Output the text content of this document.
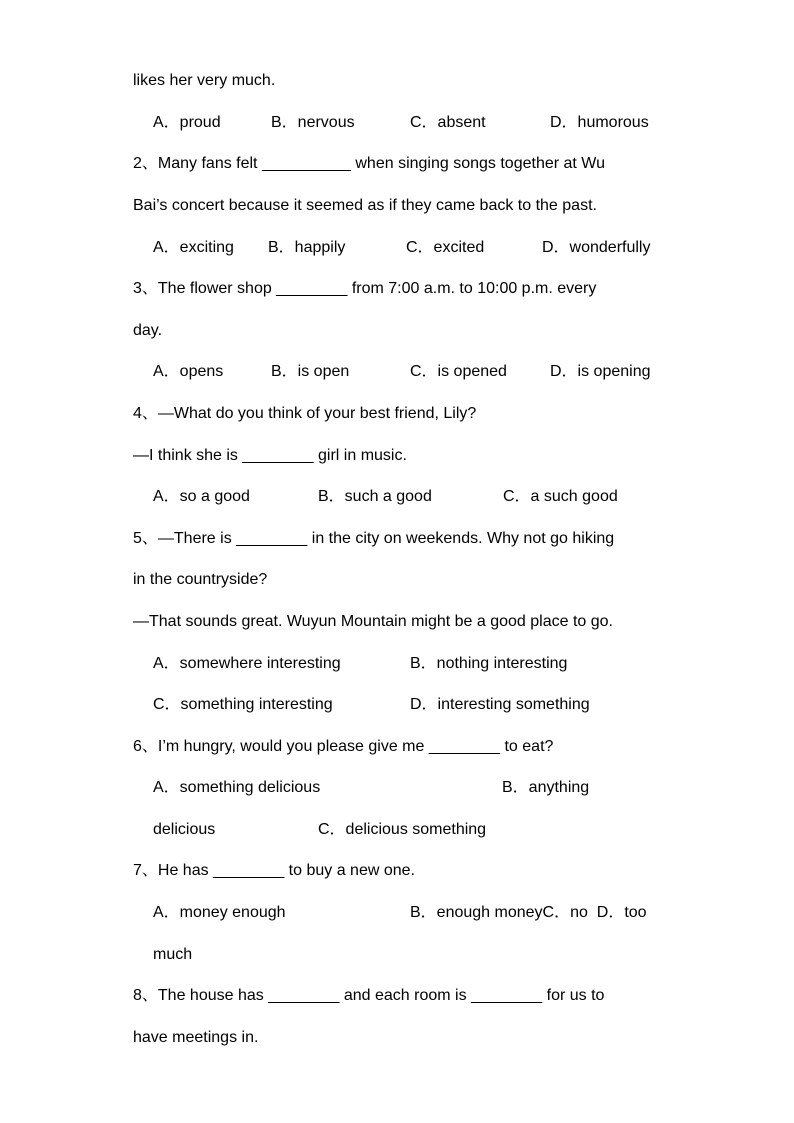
likes her very much.
A．proud	B．nervous	C．absent	D．humorous
2、Many fans felt __________ when singing songs together at Wu
Bai’s concert because it seemed as if they came back to the past.
A．exciting B．happily	C．excited	D．wonderfully
3、The flower shop ________ from 7:00 a.m. to 10:00 p.m. every
day.
A．opens	B．is open	C．is opened	D．is opening
4、—What do you think of your best friend, Lily?
—I think she is ________ girl in music.
A．so a good	B．such a good	C．a such good
5、—There is ________ in the city on weekends. Why not go hiking
in the countryside?
—That sounds great. Wuyun Mountain might be a good place to go.
A．somewhere interesting	B．nothing interesting
C．something interesting	D．interesting something
6、I’m hungry, would you please give me ________ to eat?
A．something delicious	B．anything
delicious	C．delicious something
7、He has ________ to buy a new one.
A．money enough	B．enough moneyC．no  D．too
much
8、The house has ________ and each room is ________ for us to
have meetings in.
